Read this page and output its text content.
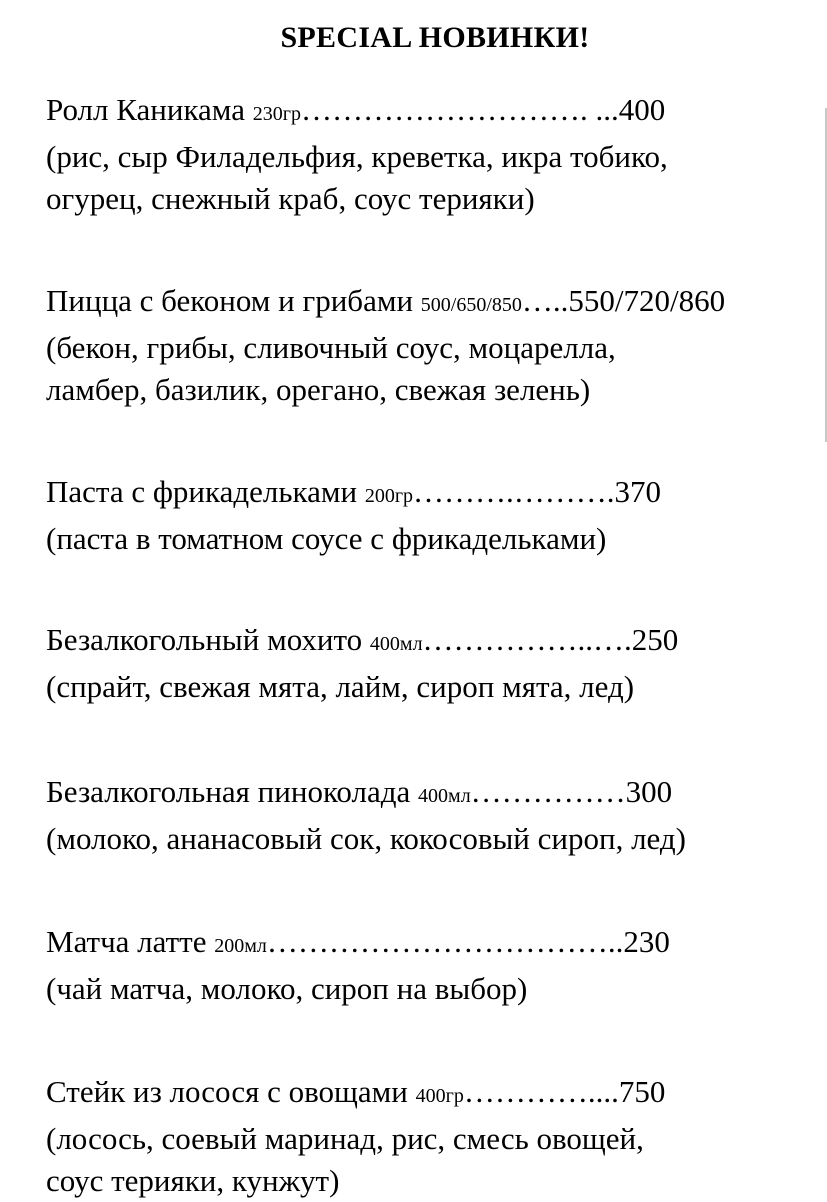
SPECIAL НОВИНКИ!
Ролл Каникама 230гр………………………. ...400
(рис, сыр Филадельфия, креветка, икра тобико,
огурец, снежный краб, соус терияки)
Пицца с беконом и грибами 500/650/850…..550/720/860
(бекон, грибы, сливочный соус, моцарелла,
ламбер, базилик, орегано, свежая зелень)
Паста с фрикадельками 200гр……….……….370
(паста в томатном соусе с фрикадельками)
Безалкогольный мохито 400мл……………..….250
(спрайт, свежая мята, лайм, сироп мята, лед)
Безалкогольная пиноколада 400мл……………300
(молоко, ананасовый сок, кокосовый сироп, лед)
Матча латте 200мл……………………………..230
(чай матча, молоко, сироп на выбор)
Стейк из лосося с овощами 400гр…………....750
(лосось, соевый маринад, рис, смесь овощей,
соус терияки, кунжут)
